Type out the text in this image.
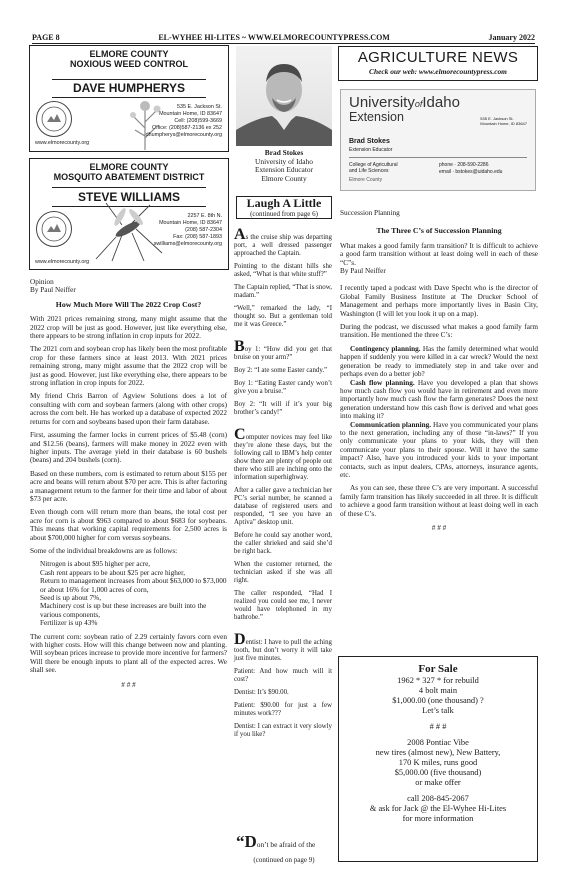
PAGE 8	EL-WYHEE HI-LITES ~ WWW.ELMORECOUNTYPRESS.COM	January 2022
ELMORE COUNTY
NOXIOUS WEED CONTROL
DAVE HUMPHERYS
535 E. Jackson St.
Mountain Home, ID 83647
Cell: (208)599-3669
Office: (208)587-2136 ex 252
dhumpherys@elmorecounty.org
www.elmorecounty.org
ELMORE COUNTY
MOSQUITO ABATEMENT DISTRICT
STEVE WILLIAMS
2257 E. 8th N.
Mountain Home, ID 83647
(208) 587-2304
Fax: (208) 587-1893
swilliams@elmorecounty.org
www.elmorecounty.org
Brad Stokes
University of Idaho
Extension Educator
Elmore County
Laugh A Little
(continued from page 6)
AGRICULTURE NEWS
Check our web: www.elmorecountypress.com
UniversityofIdaho
Extension	535 E. Jackson St.
Mountain Home, ID 83647
Brad Stokes
Extension Educator
College of Agricultural
and Life Sciences
Elmore County
phone · 208-590-2286
email · bstokes@uidaho.edu
Opinion
By Paul Neiffer
How Much More Will The 2022 Crop Cost?

With 2021 prices remaining strong, many might assume that the 2022 crop will be just as good. However, just like everything else, there appears to be strong inflation in crop inputs for 2022.

The 2021 corn and soybean crop has likely been the most profitable crop for these farmers since at least 2013. With 2021 prices remaining strong, many might assume that the 2022 crop will be just as good. However, just like everything else, there appears to be strong inflation in crop inputs for 2022.

My friend Chris Barron of Agview Solutions does a lot of consulting with corn and soybean farmers (along with other crops) across the corn belt. He has worked up a database of expected 2022 returns for corn and soybeans based upon their farm database.

First, assuming the farmer locks in current prices of $5.48 (corn) and $12.56 (beans), farmers will make money in 2022 even with higher inputs. The average yield in their database is 60 bushels (beans) and 204 bushels (corn).

Based on these numbers, corn is estimated to return about $155 per acre and beans will return about $70 per acre. This is after factoring a management return to the farmer for their time and labor of about $73 per acre.

Even though corn will return more than beans, the total cost per acre for corn is about $963 compared to about $683 for soybeans. This means that working capital requirements for 2,500 acres is about $700,000 higher for corn versus soybeans.

Some of the individual breakdowns are as follows:

Nitrogen is about $95 higher per acre,
Cash rent appears to be about $25 per acre higher,
Return to management increases from about $63,000 to $73,000 or about 16% for 1,000 acres of corn,
Seed is up about 7%,
Machinery cost is up but these increases are built into the various components,
Fertilizer is up 43%

The current corn: soybean ratio of 2.29 certainly favors corn even with higher costs. How will this change between now and planting. Will soybean prices increase to provide more incentive for farmers? Will there be enough inputs to plant all of the expected acres. We shall see.

# # #

As the cruise ship was departing port, a well dressed passenger approached the Captain.

Pointing to the distant hills she asked, “What is that white stuff?”

The Captain replied, “That is snow, madam.”

“Well,” remarked the lady, “I thought so. But a gentleman told me it was Greece.”

Boy 1: “How did you get that bruise on your arm?”

Boy 2: “I ate some Easter candy.”

Boy 1: “Eating Easter candy won’t give you a bruise.”

Boy 2: “It will if it’s your big brother’s candy!”

Computer novices may feel like they’re alone these days, but the following call to IBM’s help center show there are plenty of people out there who still are inching onto the information superhighway.

After a caller gave a technician her PC’s serial number, he scanned a database of registered users and responded, “I see you have an Aptiva” desktop unit.

Before he could say another word, the caller shrieked and said she’d be right back.

When the customer returned, the technician asked if she was all right.

The caller responded, “Had I realized you could see me, I never would have telephoned in my bathrobe.”

Dentist: I have to pull the aching tooth, but don’t worry it will take just five minutes.

Patient: And how much will it cost?

Dentist: It’s $90.00.

Patient: $90.00 for just a few minutes work???

Dentist: I can extract it very slowly if you like?

“Don’t be afraid of the
(continued on page 9)
Succession Planning
The Three C’s of Succession Planning

What makes a good family farm transition? It is difficult to achieve a good farm transition without at least doing well in each of these “C”s.

By Paul Neiffer

I recently taped a podcast with Dave Specht who is the director of Global Family Business Institute at The Drucker School of Management and perhaps more importantly lives in Basin City, Washington (I will let you look it up on a map).

During the podcast, we discussed what makes a good family farm transition. He mentioned the three C’s:

Contingency planning. Has the family determined what would happen if suddenly you were killed in a car wreck? Would the next generation be ready to immediately step in and take over and perhaps even do a better job?

Cash flow planning. Have you developed a plan that shows how much cash flow you would have in retirement and even more importantly how much cash flow the farm generates? Does the next generation understand how this cash flow is derived and what goes into making it?

Communication planning. Have you communicated your plans to the next generation, including any of those “in-laws?” If you only communicate your plans to your kids, they will then communicate your plans to their spouse. Will it have the same impact? Also, have you introduced your kids to your important contacts, such as input dealers, CPAs, attorneys, insurance agents, etc.

As you can see, these three C’s are very important. A successful family farm transition has likely succeeded in all three. It is difficult to achieve a good farm transition without at least doing well in each of these C’s.

# # #
For Sale
1962 * 327 * for rebuild
4 bolt main
$1,000.00 (one thousand) ?
Let’s talk
# # #
2008 Pontiac Vibe
new tires (almost new), New Battery,
170 K miles, runs good
$5,000.00 (five thousand)
or make offer
call 208-845-2067
& ask for Jack @ the El-Wyhee Hi-Lites
for more information
